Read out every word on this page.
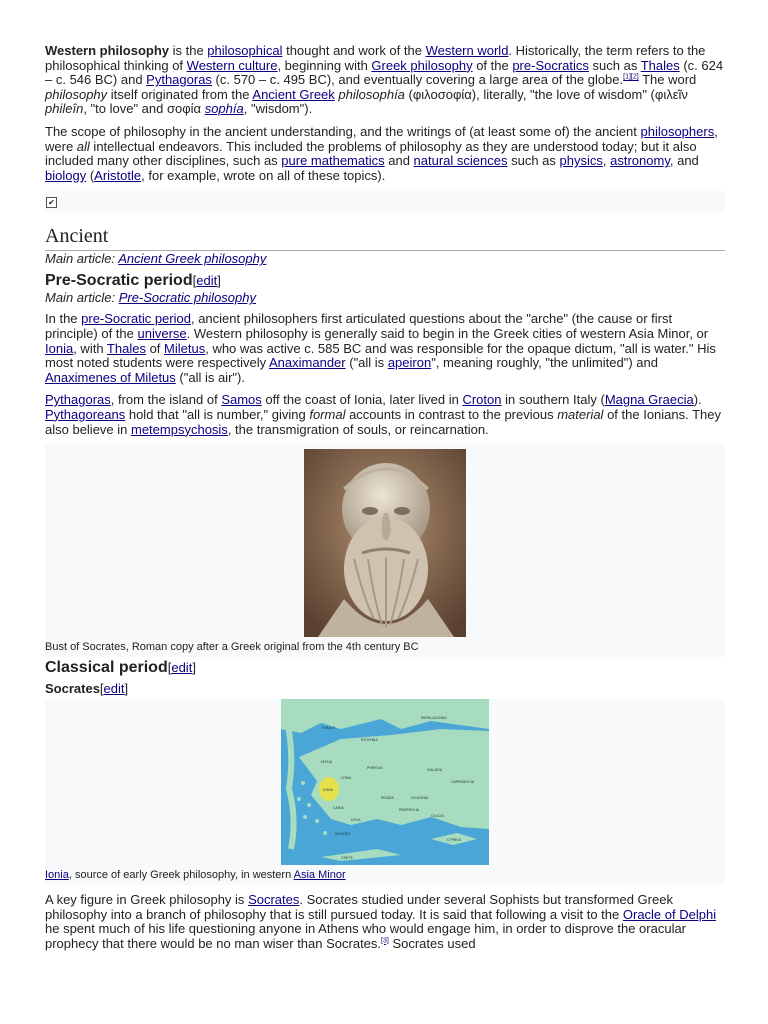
Western philosophy is the philosophical thought and work of the Western world. Historically, the term refers to the philosophical thinking of Western culture, beginning with Greek philosophy of the pre-Socratics such as Thales (c. 624 – c. 546 BC) and Pythagoras (c. 570 – c. 495 BC), and eventually covering a large area of the globe.[1][2] The word philosophy itself originated from the Ancient Greek philosophía (φιλοσοφία), literally, "the love of wisdom" (φιλεῖν phileîn, "to love" and σοφία sophía, "wisdom").

The scope of philosophy in the ancient understanding, and the writings of (at least some of) the ancient philosophers, were all intellectual endeavors. This included the problems of philosophy as they are understood today; but it also included many other disciplines, such as pure mathematics and natural sciences such as physics, astronomy, and biology (Aristotle, for example, wrote on all of these topics).

✔
Ancient
Main article: Ancient Greek philosophy
Pre-Socratic period[edit]
Main article: Pre-Socratic philosophy

In the pre-Socratic period, ancient philosophers first articulated questions about the "arche" (the cause or first principle) of the universe. Western philosophy is generally said to begin in the Greek cities of western Asia Minor, or Ionia, with Thales of Miletus, who was active c. 585 BC and was responsible for the opaque dictum, "all is water." His most noted students were respectively Anaximander ("all is apeiron", meaning roughly, "the unlimited") and Anaximenes of Miletus ("all is air").

Pythagoras, from the island of Samos off the coast of Ionia, later lived in Croton in southern Italy (Magna Graecia). Pythagoreans hold that "all is number," giving formal accounts in contrast to the previous material of the Ionians. They also believe in metempsychosis, the transmigration of souls, or reincarnation.

Bust of Socrates, Roman copy after a Greek original from the 4th century BC
Classical period[edit]
Socrates[edit]
THRACE
PAPHLAGONIA
BITHYNIA
MYSIA
PHRYGIA
LYDIA
IONIA
CARIA
LYCIA
PISIDIA
PAMPHYLIA
CILICIA
LYCAONIA
GALATIA
CAPPADOCIA
RHODES
CRETE
CYPRUS
Ionia, source of early Greek philosophy, in western Asia Minor

A key figure in Greek philosophy is Socrates. Socrates studied under several Sophists but transformed Greek philosophy into a branch of philosophy that is still pursued today. It is said that following a visit to the Oracle of Delphi he spent much of his life questioning anyone in Athens who would engage him, in order to disprove the oracular prophecy that there would be no man wiser than Socrates.[3] Socrates used
